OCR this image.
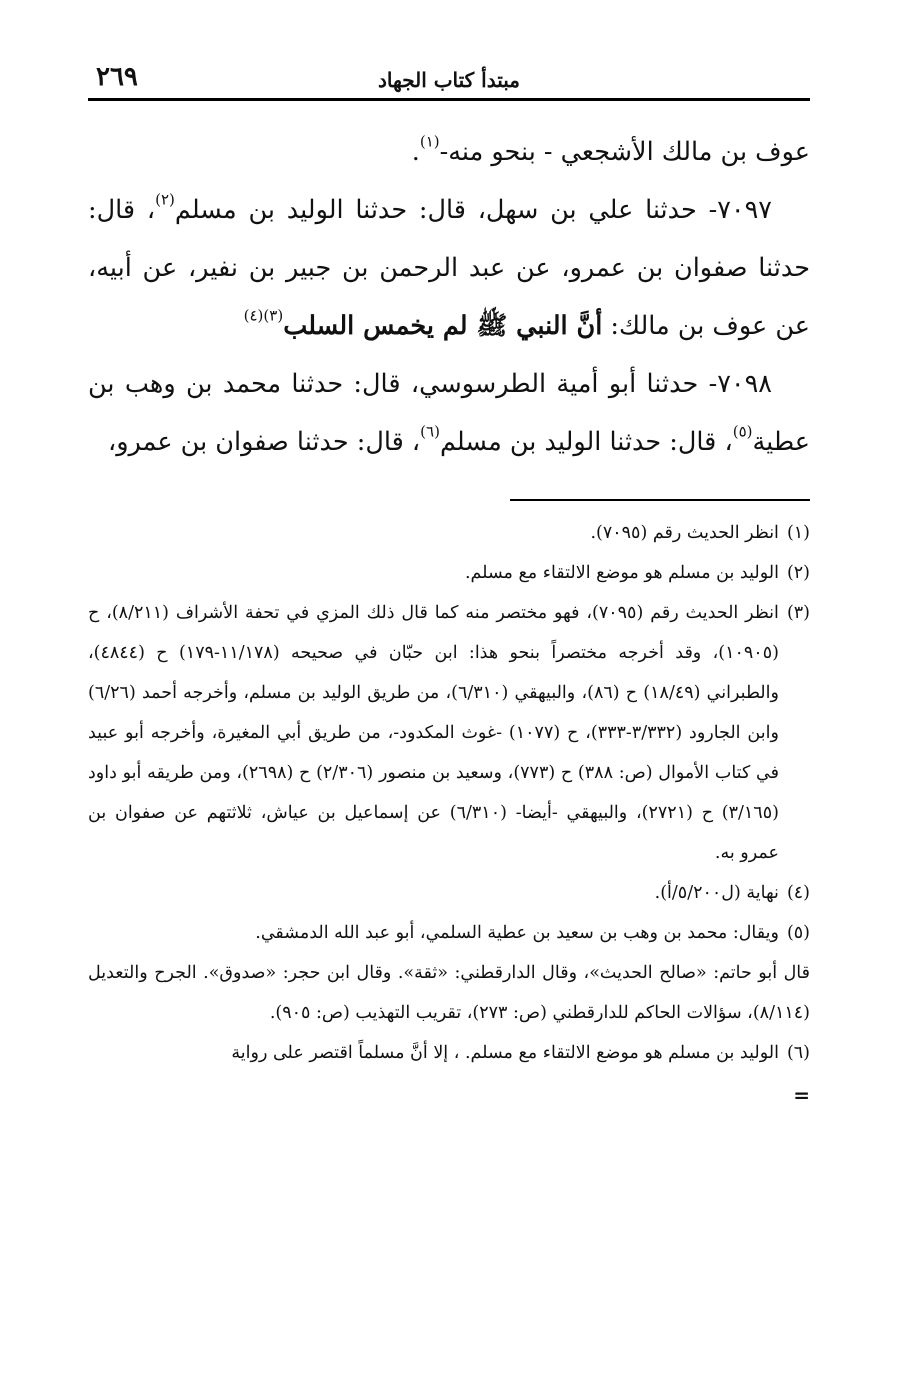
مبتدأ كتاب الجهاد
٢٦٩

عوف بن مالك الأشجعي - بنحو منه-$^{(١)}$.

٧٠٩٧- حدثنا علي بن سهل، قال: حدثنا الوليد بن مسلم$^{(٢)}$، قال: حدثنا صفوان بن عمرو، عن عبد الرحمن بن جبير بن نفير، عن أبيه، عن عوف بن مالك: أنَّ النبي ﷺ لم يخمس السلب$^{(٣)(٤)}$

٧٠٩٨- حدثنا أبو أمية الطرسوسي، قال: حدثنا محمد بن وهب بن عطية$^{(٥)}$، قال: حدثنا الوليد بن مسلم$^{(٦)}$، قال: حدثنا صفوان بن عمرو،

(١)
انظر الحديث رقم (٧٠٩٥).
(٢)
الوليد بن مسلم هو موضع الالتقاء مع مسلم.
(٣)
انظر الحديث رقم (٧٠٩٥)، فهو مختصر منه كما قال ذلك المزي في تحفة الأشراف (٨/٢١١)، ح (١٠٩٠٥)، وقد أخرجه مختصراً بنحو هذا: ابن حبّان في صحيحه (١١/١٧٨-١٧٩) ح (٤٨٤٤)، والطبراني (١٨/٤٩) ح (٨٦)، والبيهقي (٦/٣١٠)، من طريق الوليد بن مسلم، وأخرجه أحمد (٦/٢٦) وابن الجارود (٣/٣٣٢-٣٣٣)، ح (١٠٧٧) -غوث المكدود-، من طريق أبي المغيرة، وأخرجه أبو عبيد في كتاب الأموال (ص: ٣٨٨) ح (٧٧٣)، وسعيد بن منصور (٢/٣٠٦) ح (٢٦٩٨)، ومن طريقه أبو داود (٣/١٦٥) ح (٢٧٢١)، والبيهقي -أيضا- (٦/٣١٠) عن إسماعيل بن عياش، ثلاثتهم عن صفوان بن عمرو به.
(٤)
نهاية (ل٥/٢٠٠/أ).
(٥)
ويقال: محمد بن وهب بن سعيد بن عطية السلمي، أبو عبد الله الدمشقي.
قال أبو حاتم: «صالح الحديث»، وقال الدارقطني: «ثقة». وقال ابن حجر: «صدوق». الجرح والتعديل (٨/١١٤)، سؤالات الحاكم للدارقطني (ص: ٢٧٣)، تقريب التهذيب (ص: ٩٠٥).
(٦)
الوليد بن مسلم هو موضع الالتقاء مع مسلم. ، إلا أنَّ مسلماً اقتصر على رواية
=
